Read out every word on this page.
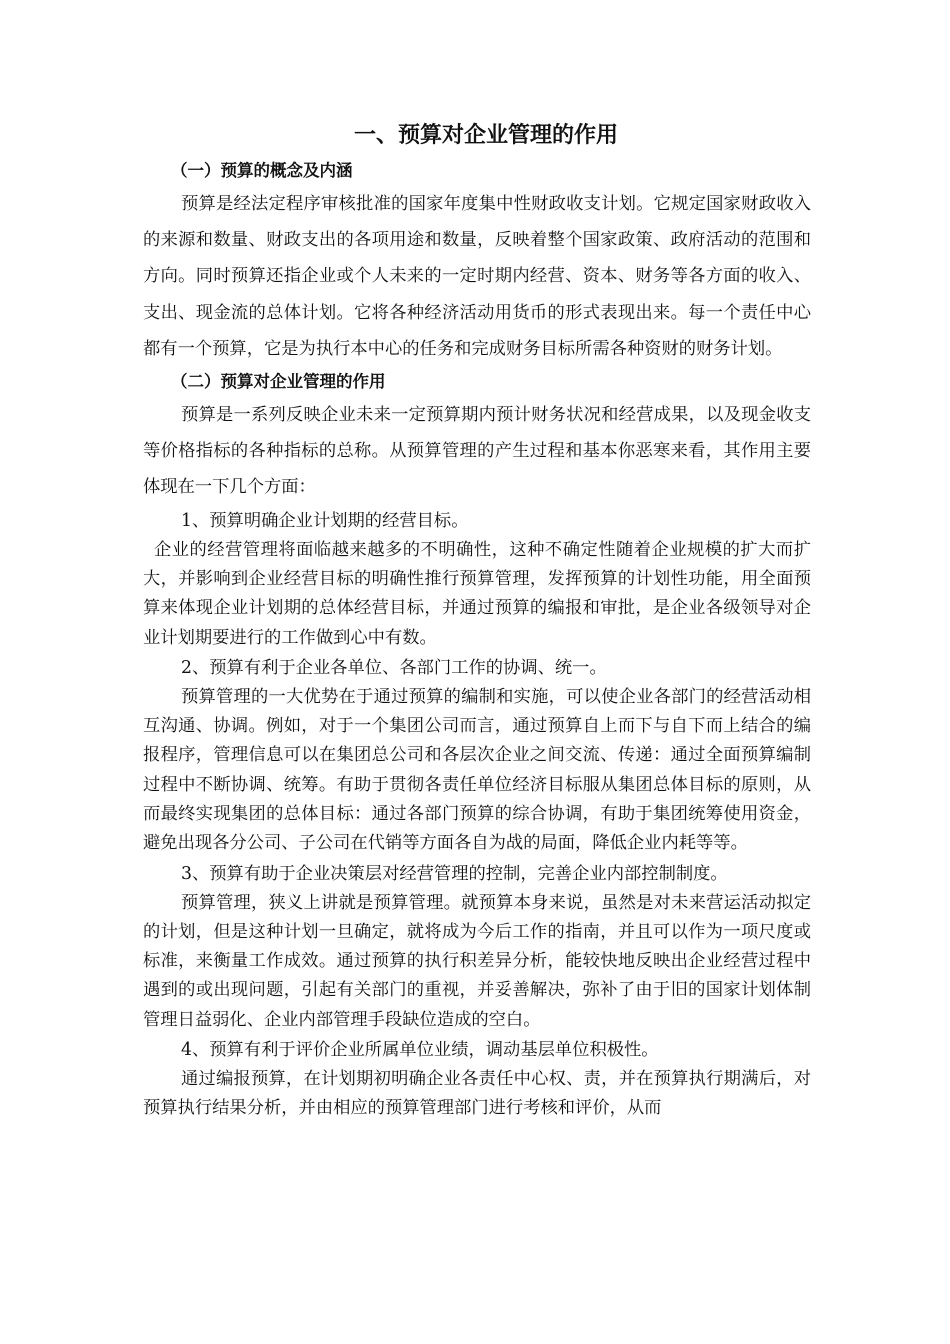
一、预算对企业管理的作用
（一）预算的概念及内涵

预算是经法定程序审核批准的国家年度集中性财政收支计划。它规定国家财政收入的来源和数量、财政支出的各项用途和数量，反映着整个国家政策、政府活动的范围和方向。同时预算还指企业或个人未来的一定时期内经营、资本、财务等各方面的收入、支出、现金流的总体计划。它将各种经济活动用货币的形式表现出来。每一个责任中心都有一个预算，它是为执行本中心的任务和完成财务目标所需各种资财的财务计划。

（二）预算对企业管理的作用

预算是一系列反映企业未来一定预算期内预计财务状况和经营成果，以及现金收支等价格指标的各种指标的总称。从预算管理的产生过程和基本你恶寒来看，其作用主要体现在一下几个方面：

1、预算明确企业计划期的经营目标。

企业的经营管理将面临越来越多的不明确性，这种不确定性随着企业规模的扩大而扩大，并影响到企业经营目标的明确性推行预算管理，发挥预算的计划性功能，用全面预算来体现企业计划期的总体经营目标，并通过预算的编报和审批，是企业各级领导对企业计划期要进行的工作做到心中有数。

2、预算有利于企业各单位、各部门工作的协调、统一。

预算管理的一大优势在于通过预算的编制和实施，可以使企业各部门的经营活动相互沟通、协调。例如，对于一个集团公司而言，通过预算自上而下与自下而上结合的编报程序，管理信息可以在集团总公司和各层次企业之间交流、传递：通过全面预算编制过程中不断协调、统筹。有助于贯彻各责任单位经济目标服从集团总体目标的原则，从而最终实现集团的总体目标：通过各部门预算的综合协调，有助于集团统筹使用资金，避免出现各分公司、子公司在代销等方面各自为战的局面，降低企业内耗等等。

3、预算有助于企业决策层对经营管理的控制，完善企业内部控制制度。

预算管理，狭义上讲就是预算管理。就预算本身来说，虽然是对未来营运活动拟定的计划，但是这种计划一旦确定，就将成为今后工作的指南，并且可以作为一项尺度或标准，来衡量工作成效。通过预算的执行积差异分析，能较快地反映出企业经营过程中遇到的或出现问题，引起有关部门的重视，并妥善解决，弥补了由于旧的国家计划体制管理日益弱化、企业内部管理手段缺位造成的空白。

4、预算有利于评价企业所属单位业绩，调动基层单位积极性。

通过编报预算，在计划期初明确企业各责任中心权、责，并在预算执行期满后，对预算执行结果分析，并由相应的预算管理部门进行考核和评价，从而
